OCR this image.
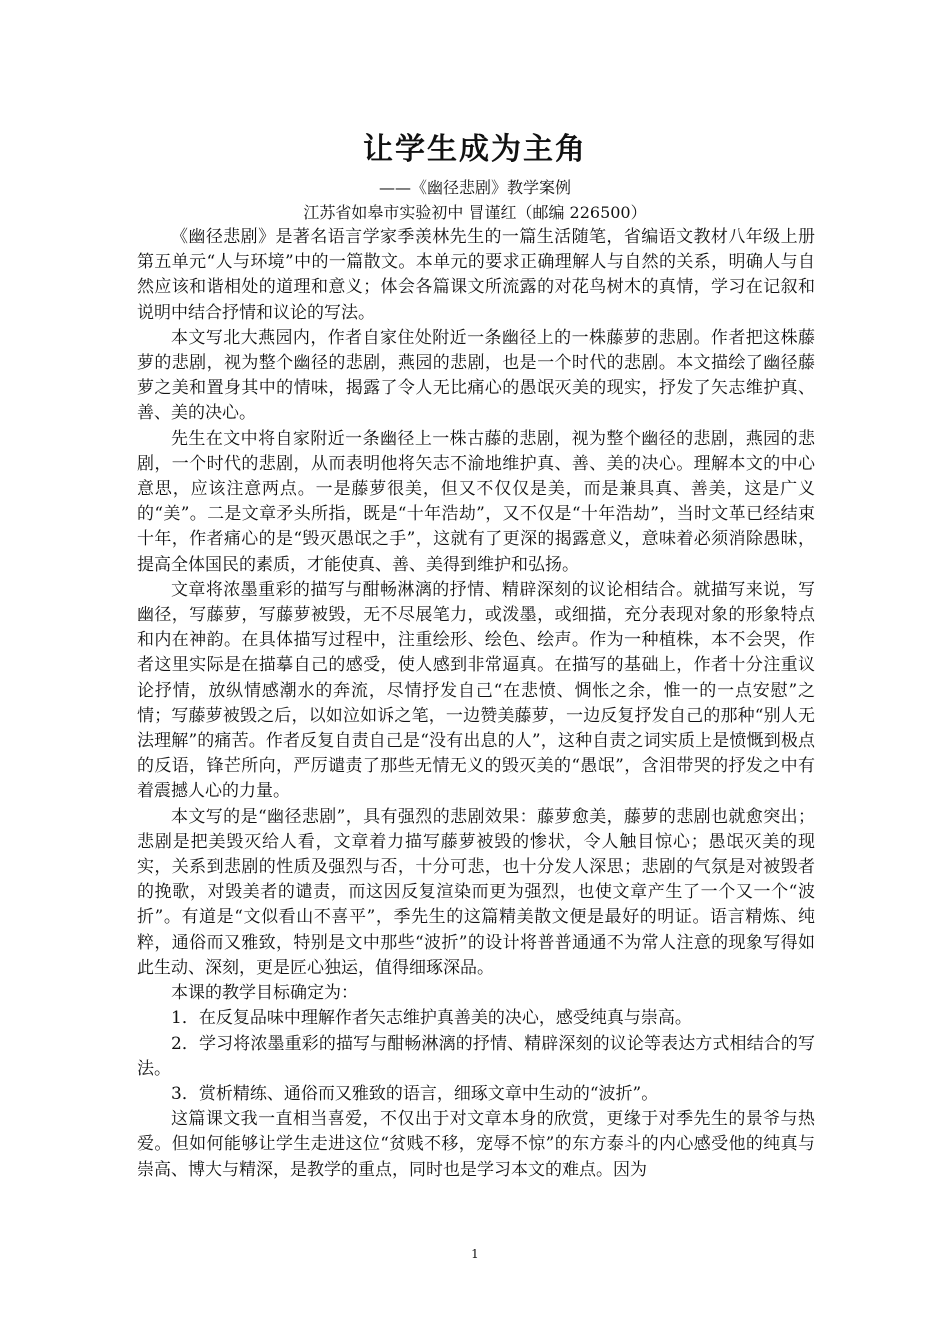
让学生成为主角
——《幽径悲剧》教学案例
江苏省如皋市实验初中 冒谨红（邮编 226500）

《幽径悲剧》是著名语言学家季羡林先生的一篇生活随笔，省编语文教材八年级上册第五单元“人与环境”中的一篇散文。本单元的要求正确理解人与自然的关系，明确人与自然应该和谐相处的道理和意义；体会各篇课文所流露的对花鸟树木的真情，学习在记叙和说明中结合抒情和议论的写法。

本文写北大燕园内，作者自家住处附近一条幽径上的一株藤萝的悲剧。作者把这株藤萝的悲剧，视为整个幽径的悲剧，燕园的悲剧，也是一个时代的悲剧。本文描绘了幽径藤萝之美和置身其中的情味，揭露了令人无比痛心的愚氓灭美的现实，抒发了矢志维护真、善、美的决心。

先生在文中将自家附近一条幽径上一株古藤的悲剧，视为整个幽径的悲剧，燕园的悲剧，一个时代的悲剧，从而表明他将矢志不渝地维护真、善、美的决心。理解本文的中心意思，应该注意两点。一是藤萝很美，但又不仅仅是美，而是兼具真、善美，这是广义的“美”。二是文章矛头所指，既是“十年浩劫”，又不仅是“十年浩劫”，当时文革已经结束十年，作者痛心的是“毁灭愚氓之手”，这就有了更深的揭露意义，意味着必须消除愚昧，提高全体国民的素质，才能使真、善、美得到维护和弘扬。

文章将浓墨重彩的描写与酣畅淋漓的抒情、精辟深刻的议论相结合。就描写来说，写幽径，写藤萝，写藤萝被毁，无不尽展笔力，或泼墨，或细描，充分表现对象的形象特点和内在神韵。在具体描写过程中，注重绘形、绘色、绘声。作为一种植株，本不会哭，作者这里实际是在描摹自己的感受，使人感到非常逼真。在描写的基础上，作者十分注重议论抒情，放纵情感潮水的奔流，尽情抒发自己“在悲愤、惆怅之余，惟一的一点安慰”之情；写藤萝被毁之后，以如泣如诉之笔，一边赞美藤萝，一边反复抒发自己的那种“别人无法理解”的痛苦。作者反复自责自己是“没有出息的人”，这种自责之词实质上是愤慨到极点的反语，锋芒所向，严厉谴责了那些无情无义的毁灭美的“愚氓”，含泪带哭的抒发之中有着震撼人心的力量。

本文写的是“幽径悲剧”，具有强烈的悲剧效果：藤萝愈美，藤萝的悲剧也就愈突出；悲剧是把美毁灭给人看，文章着力描写藤萝被毁的惨状，令人触目惊心；愚氓灭美的现实，关系到悲剧的性质及强烈与否，十分可悲，也十分发人深思；悲剧的气氛是对被毁者的挽歌，对毁美者的谴责，而这因反复渲染而更为强烈，也使文章产生了一个又一个“波折”。有道是“文似看山不喜平”，季先生的这篇精美散文便是最好的明证。语言精炼、纯粹，通俗而又雅致，特别是文中那些“波折”的设计将普普通通不为常人注意的现象写得如此生动、深刻，更是匠心独运，值得细琢深品。

本课的教学目标确定为：

1．在反复品味中理解作者矢志维护真善美的决心，感受纯真与崇高。

2．学习将浓墨重彩的描写与酣畅淋漓的抒情、精辟深刻的议论等表达方式相结合的写法。

3．赏析精练、通俗而又雅致的语言，细琢文章中生动的“波折”。

这篇课文我一直相当喜爱，不仅出于对文章本身的欣赏，更缘于对季先生的景爷与热爱。但如何能够让学生走进这位“贫贱不移，宠辱不惊”的东方泰斗的内心感受他的纯真与崇高、博大与精深，是教学的重点，同时也是学习本文的难点。因为

1
